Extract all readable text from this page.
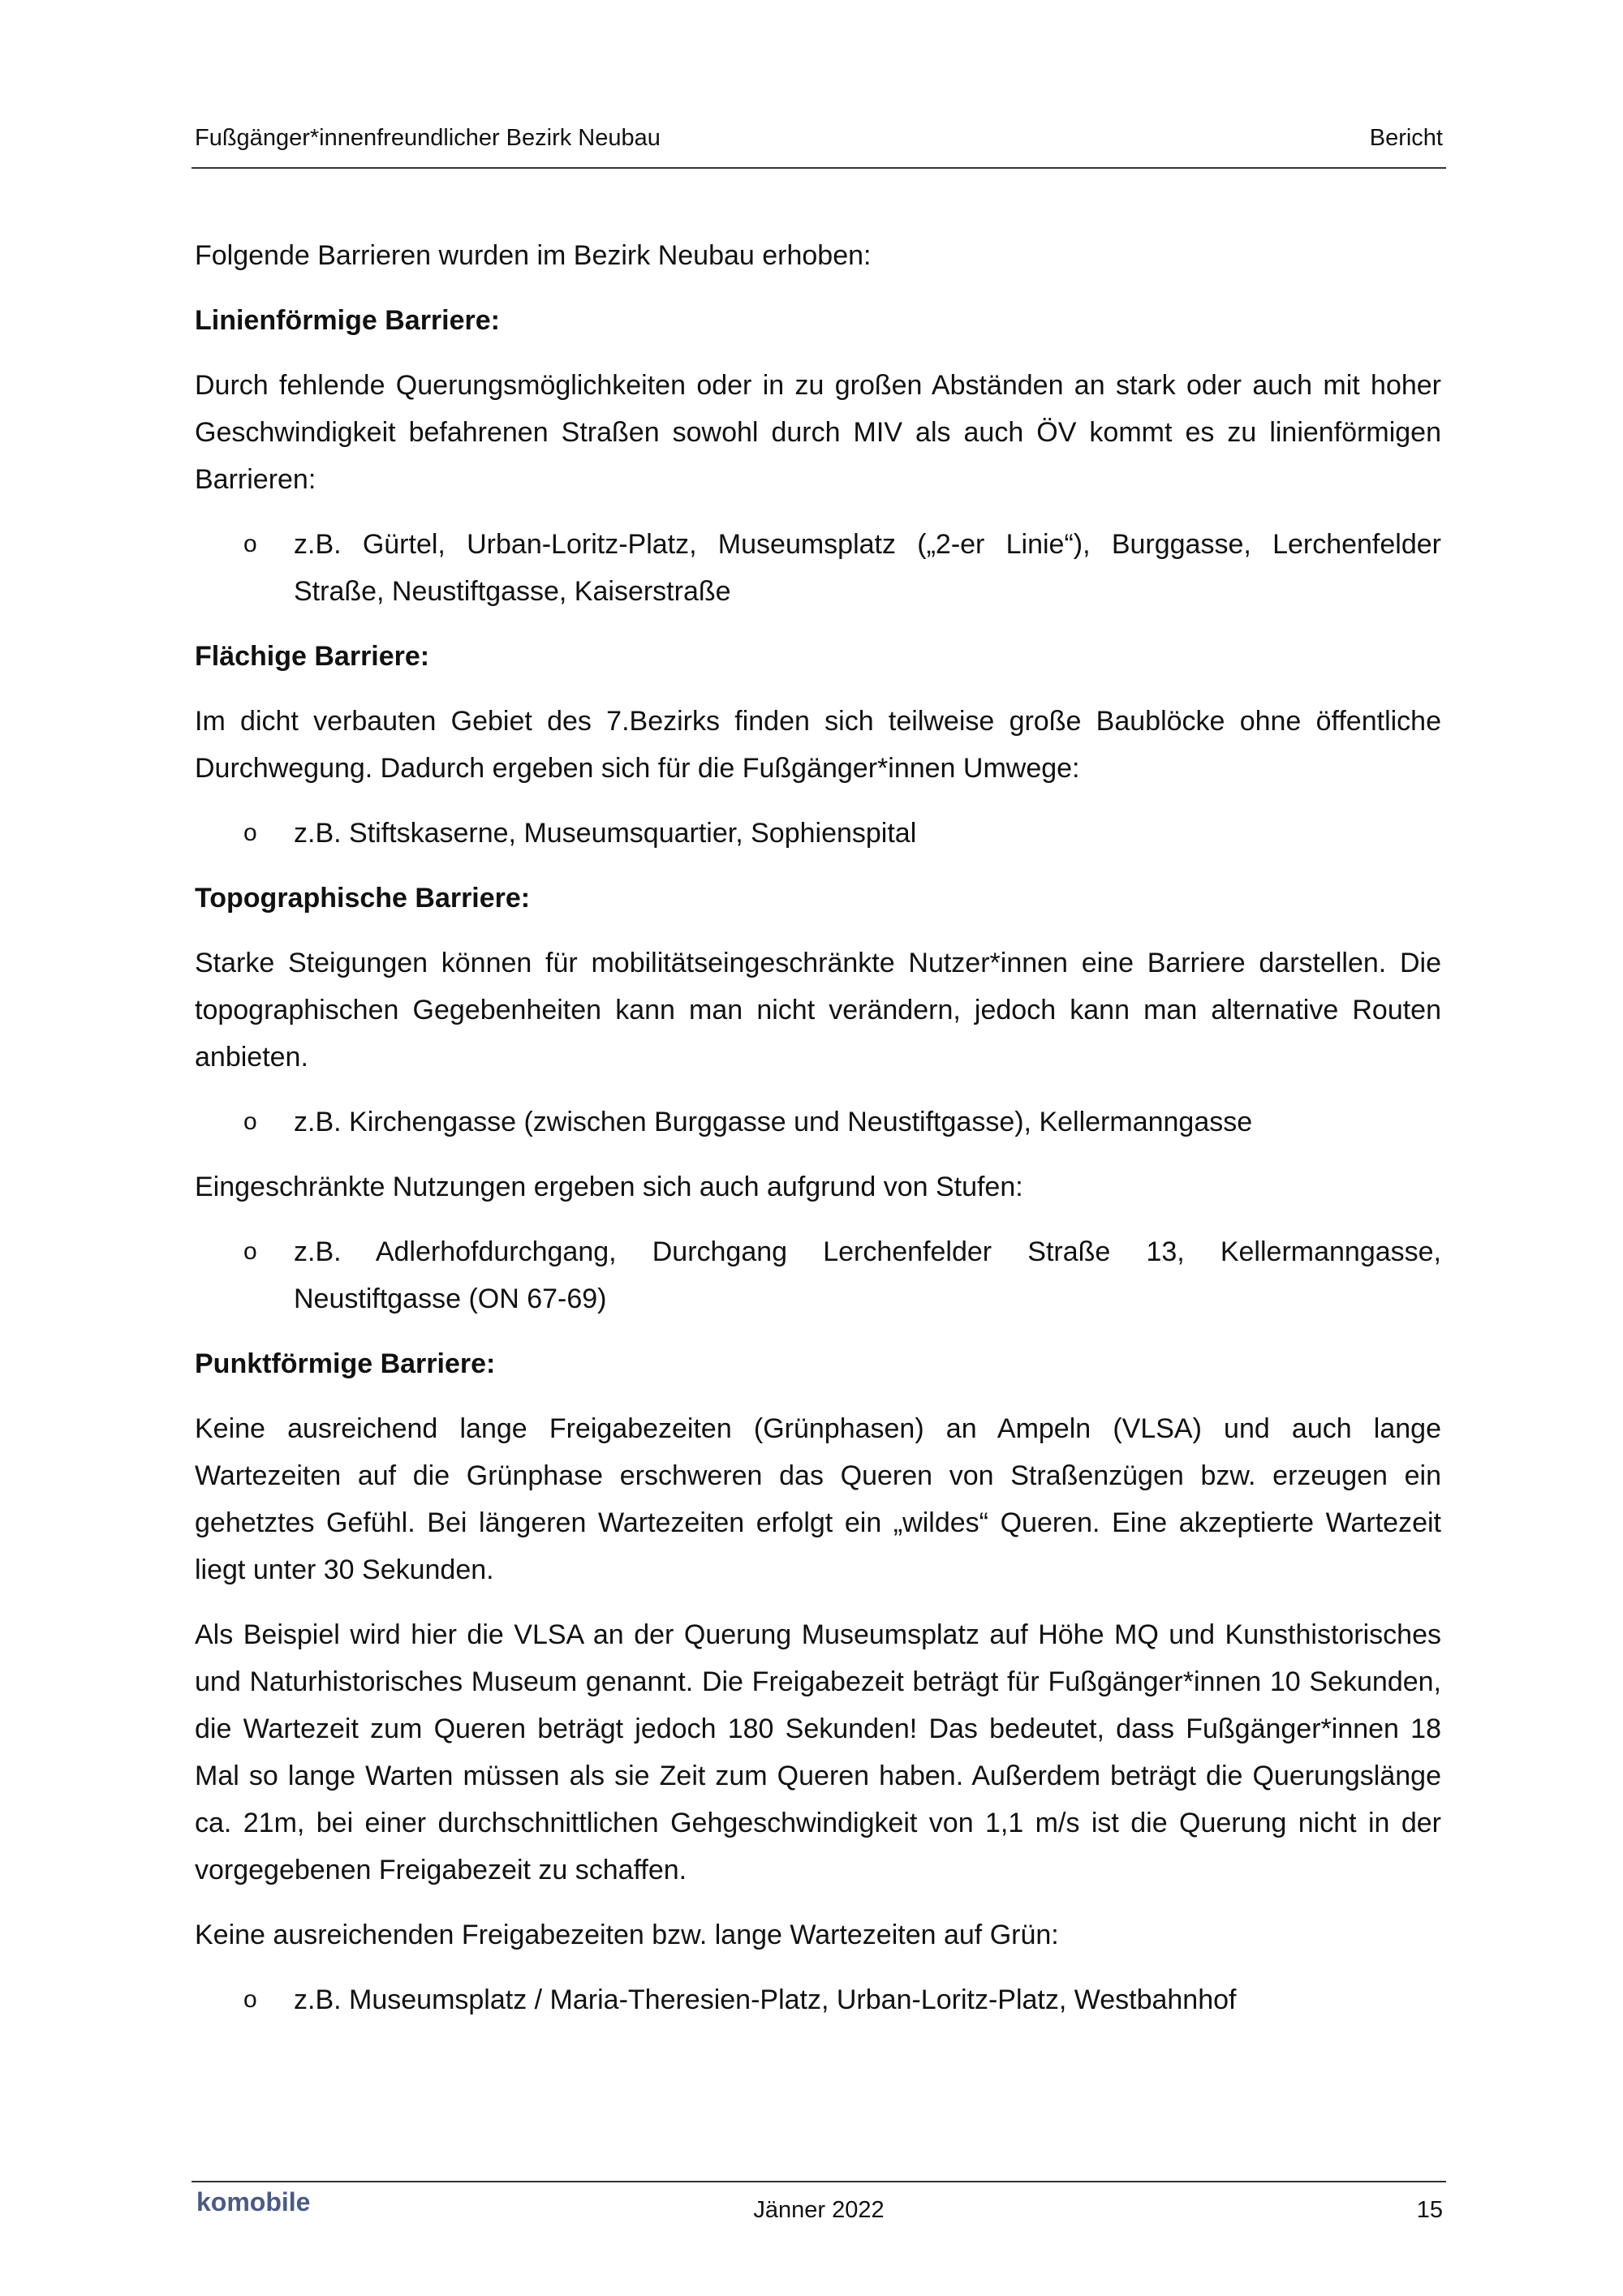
Fußgänger*innenfreundlicher Bezirk Neubau	Bericht

Folgende Barrieren wurden im Bezirk Neubau erhoben:

Linienförmige Barriere:

Durch fehlende Querungsmöglichkeiten oder in zu großen Abständen an stark oder auch mit hoher Geschwindigkeit befahrenen Straßen sowohl durch MIV als auch ÖV kommt es zu linienförmigen Barrieren:

o z.B. Gürtel, Urban-Loritz-Platz, Museumsplatz („2-er Linie“), Burggasse, Lerchenfelder Straße, Neustiftgasse, Kaiserstraße
Flächige Barriere:

Im dicht verbauten Gebiet des 7.Bezirks finden sich teilweise große Baublöcke ohne öffentliche Durchwegung. Dadurch ergeben sich für die Fußgänger*innen Umwege:

o z.B. Stiftskaserne, Museumsquartier, Sophienspital
Topographische Barriere:

Starke Steigungen können für mobilitätseingeschränkte Nutzer*innen eine Barriere darstellen. Die topographischen Gegebenheiten kann man nicht verändern, jedoch kann man alternative Routen anbieten.

o z.B. Kirchengasse (zwischen Burggasse und Neustiftgasse), Kellermanngasse

Eingeschränkte Nutzungen ergeben sich auch aufgrund von Stufen:

o z.B. Adlerhofdurchgang, Durchgang Lerchenfelder Straße 13, Kellermanngasse, Neustiftgasse (ON 67-69)
Punktförmige Barriere:

Keine ausreichend lange Freigabezeiten (Grünphasen) an Ampeln (VLSA) und auch lange Wartezeiten auf die Grünphase erschweren das Queren von Straßenzügen bzw. erzeugen ein gehetztes Gefühl. Bei längeren Wartezeiten erfolgt ein „wildes“ Queren. Eine akzeptierte Wartezeit liegt unter 30 Sekunden.

Als Beispiel wird hier die VLSA an der Querung Museumsplatz auf Höhe MQ und Kunsthistorisches und Naturhistorisches Museum genannt. Die Freigabezeit beträgt für Fußgänger*innen 10 Sekunden, die Wartezeit zum Queren beträgt jedoch 180 Sekunden! Das bedeutet, dass Fußgänger*innen 18 Mal so lange Warten müssen als sie Zeit zum Queren haben. Außerdem beträgt die Querungslänge ca. 21m, bei einer durchschnittlichen Gehgeschwindigkeit von 1,1 m/s ist die Querung nicht in der vorgegebenen Freigabezeit zu schaffen.

Keine ausreichenden Freigabezeiten bzw. lange Wartezeiten auf Grün:

o z.B. Museumsplatz / Maria-Theresien-Platz, Urban-Loritz-Platz, Westbahnhof
komobile	Jänner 2022	15
